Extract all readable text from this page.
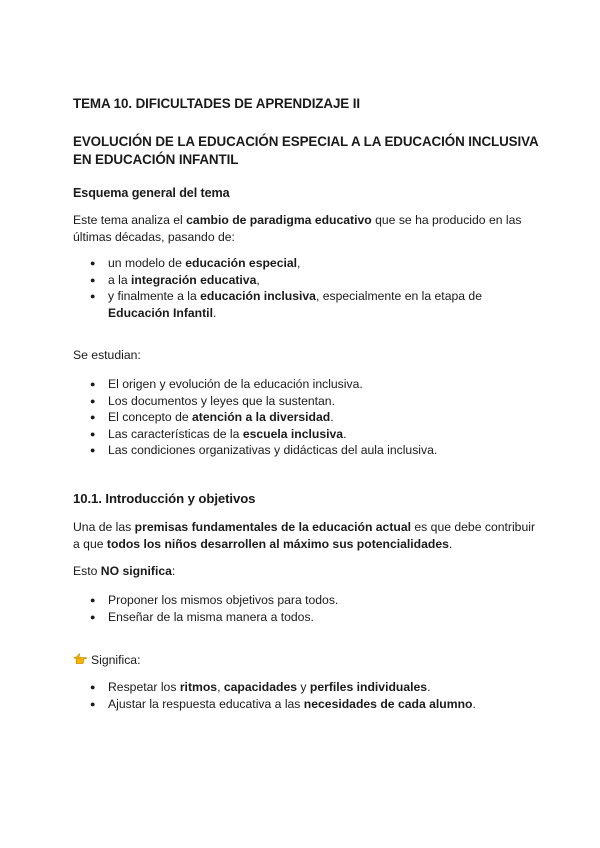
TEMA 10. DIFICULTADES DE APRENDIZAJE II
EVOLUCIÓN DE LA EDUCACIÓN ESPECIAL A LA EDUCACIÓN INCLUSIVA EN EDUCACIÓN INFANTIL
Esquema general del tema

Este tema analiza el cambio de paradigma educativo que se ha producido en las últimas décadas, pasando de:

● un modelo de educación especial,
● a la integración educativa,
● y finalmente a la educación inclusiva, especialmente en la etapa de Educación Infantil.

Se estudian:

● El origen y evolución de la educación inclusiva.
● Los documentos y leyes que la sustentan.
● El concepto de atención a la diversidad.
● Las características de la escuela inclusiva.
● Las condiciones organizativas y didácticas del aula inclusiva.
10.1. Introducción y objetivos

Una de las premisas fundamentales de la educación actual es que debe contribuir a que todos los niños desarrollen al máximo sus potencialidades.

Esto NO significa:

● Proponer los mismos objetivos para todos.
● Enseñar de la misma manera a todos.

Significa:

● Respetar los ritmos, capacidades y perfiles individuales.
● Ajustar la respuesta educativa a las necesidades de cada alumno.
